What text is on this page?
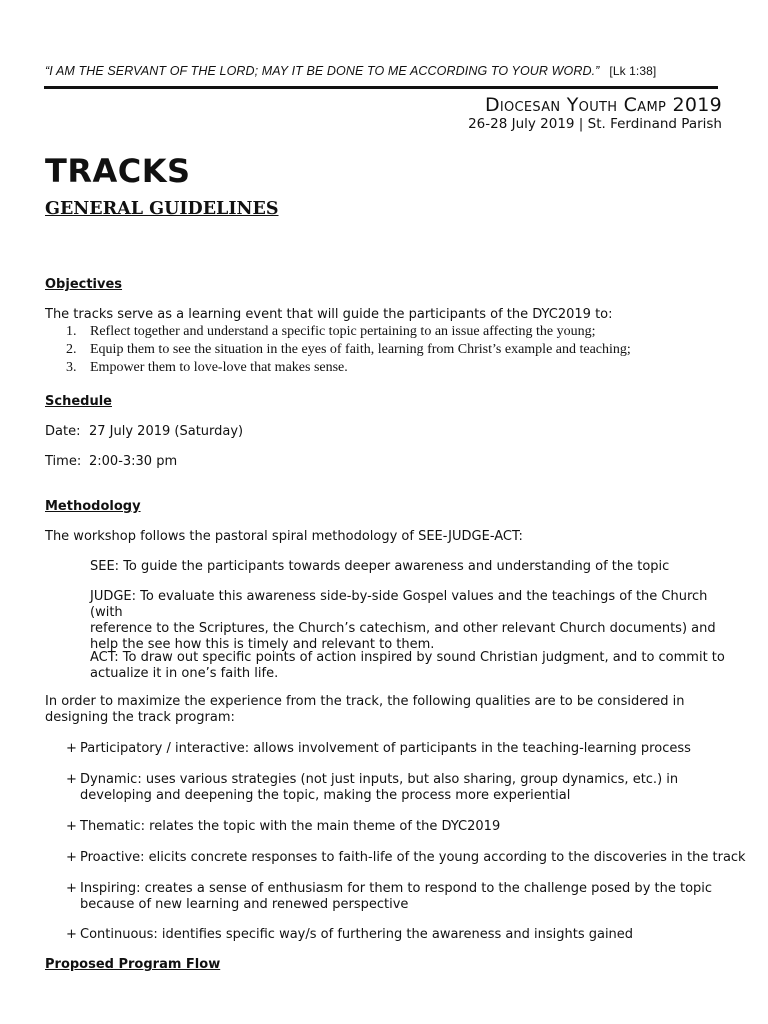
“I AM THE SERVANT OF THE LORD; MAY IT BE DONE TO ME ACCORDING TO YOUR WORD.” [Lk 1:38]
Diocesan Youth Camp 2019
26-28 July 2019 | St. Ferdinand Parish
TRACKS
GENERAL GUIDELINES
Objectives
The tracks serve as a learning event that will guide the participants of the DYC2019 to:
1. Reflect together and understand a specific topic pertaining to an issue affecting the young;
2. Equip them to see the situation in the eyes of faith, learning from Christ’s example and teaching;
3. Empower them to love-love that makes sense.
Schedule
Date: 27 July 2019 (Saturday)
Time: 2:00-3:30 pm
Methodology
The workshop follows the pastoral spiral methodology of SEE-JUDGE-ACT:
SEE: To guide the participants towards deeper awareness and understanding of the topic
JUDGE: To evaluate this awareness side-by-side Gospel values and the teachings of the Church (with
reference to the Scriptures, the Church’s catechism, and other relevant Church documents) and
help the see how this is timely and relevant to them.
ACT: To draw out specific points of action inspired by sound Christian judgment, and to commit to
actualize it in one’s faith life.
In order to maximize the experience from the track, the following qualities are to be considered in
designing the track program:
+ Participatory / interactive: allows involvement of participants in the teaching-learning process
+ Dynamic: uses various strategies (not just inputs, but also sharing, group dynamics, etc.) in
developing and deepening the topic, making the process more experiential
+ Thematic: relates the topic with the main theme of the DYC2019
+ Proactive: elicits concrete responses to faith-life of the young according to the discoveries in the track
+ Inspiring: creates a sense of enthusiasm for them to respond to the challenge posed by the topic
because of new learning and renewed perspective
+ Continuous: identifies specific way/s of furthering the awareness and insights gained
Proposed Program Flow
